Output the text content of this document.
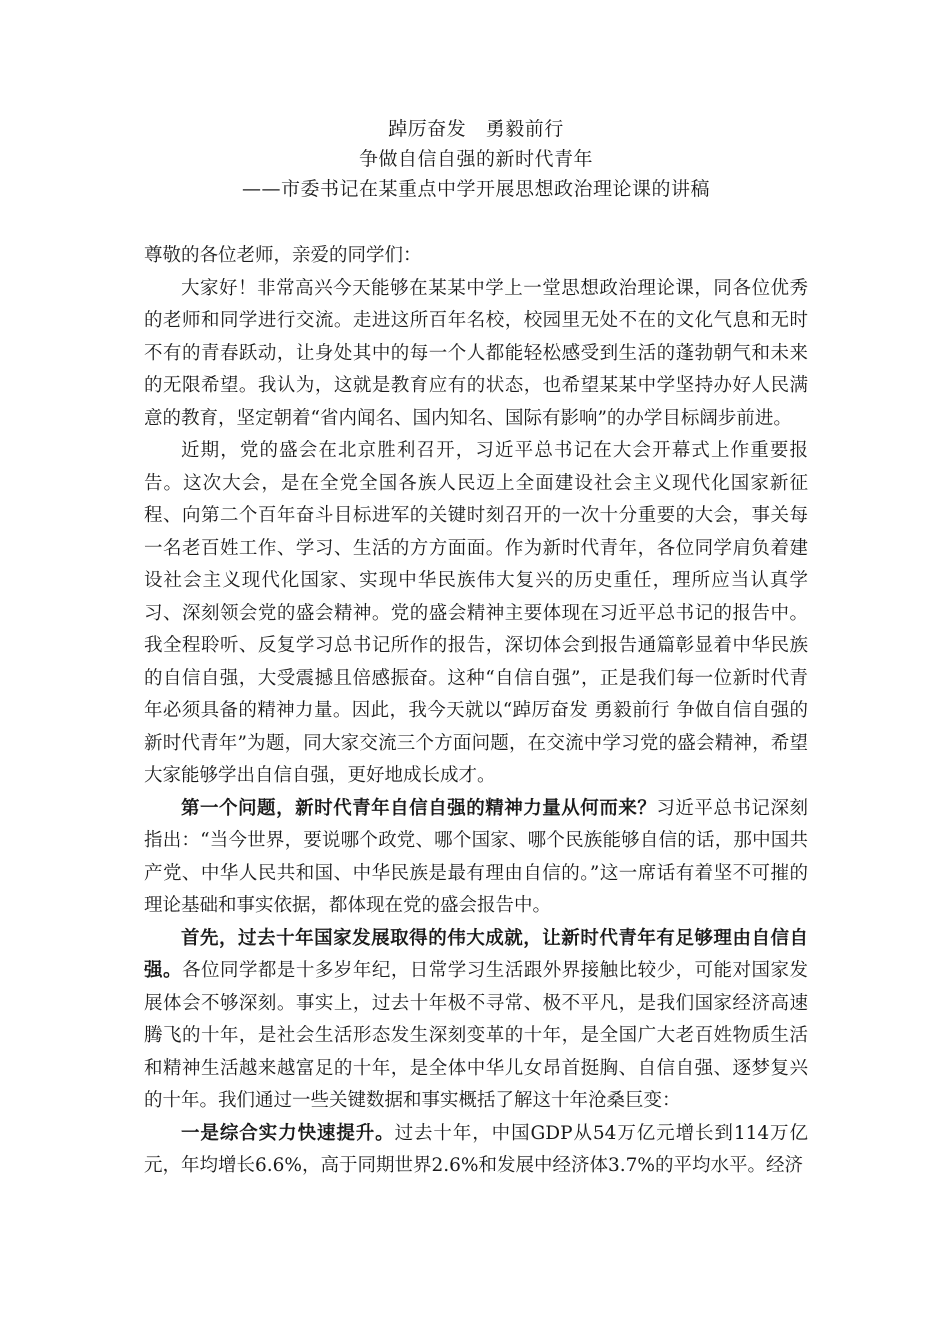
踔厉奋发　勇毅前行
争做自信自强的新时代青年
——市委书记在某重点中学开展思想政治理论课的讲稿
尊敬的各位老师，亲爱的同学们：

大家好！非常高兴今天能够在某某中学上一堂思想政治理论课，同各位优秀的老师和同学进行交流。走进这所百年名校，校园里无处不在的文化气息和无时不有的青春跃动，让身处其中的每一个人都能轻松感受到生活的蓬勃朝气和未来的无限希望。我认为，这就是教育应有的状态，也希望某某中学坚持办好人民满意的教育，坚定朝着“省内闻名、国内知名、国际有影响”的办学目标阔步前进。

近期，党的盛会在北京胜利召开，习近平总书记在大会开幕式上作重要报告。这次大会，是在全党全国各族人民迈上全面建设社会主义现代化国家新征程、向第二个百年奋斗目标进军的关键时刻召开的一次十分重要的大会，事关每一名老百姓工作、学习、生活的方方面面。作为新时代青年，各位同学肩负着建设社会主义现代化国家、实现中华民族伟大复兴的历史重任，理所应当认真学习、深刻领会党的盛会精神。党的盛会精神主要体现在习近平总书记的报告中。我全程聆听、反复学习总书记所作的报告，深切体会到报告通篇彰显着中华民族的自信自强，大受震撼且倍感振奋。这种“自信自强”，正是我们每一位新时代青年必须具备的精神力量。因此，我今天就以“踔厉奋发 勇毅前行 争做自信自强的新时代青年”为题，同大家交流三个方面问题，在交流中学习党的盛会精神，希望大家能够学出自信自强，更好地成长成才。

第一个问题，新时代青年自信自强的精神力量从何而来？习近平总书记深刻指出：“当今世界，要说哪个政党、哪个国家、哪个民族能够自信的话，那中国共产党、中华人民共和国、中华民族是最有理由自信的。”这一席话有着坚不可摧的理论基础和事实依据，都体现在党的盛会报告中。

首先，过去十年国家发展取得的伟大成就，让新时代青年有足够理由自信自强。各位同学都是十多岁年纪，日常学习生活跟外界接触比较少，可能对国家发展体会不够深刻。事实上，过去十年极不寻常、极不平凡，是我们国家经济高速腾飞的十年，是社会生活形态发生深刻变革的十年，是全国广大老百姓物质生活和精神生活越来越富足的十年，是全体中华儿女昂首挺胸、自信自强、逐梦复兴的十年。我们通过一些关键数据和事实概括了解这十年沧桑巨变：

一是综合实力快速提升。过去十年，中国GDP从54万亿元增长到114万亿元，年均增长6.6%，高于同期世界2.6%和发展中经济体3.7%的平均水平。经济
